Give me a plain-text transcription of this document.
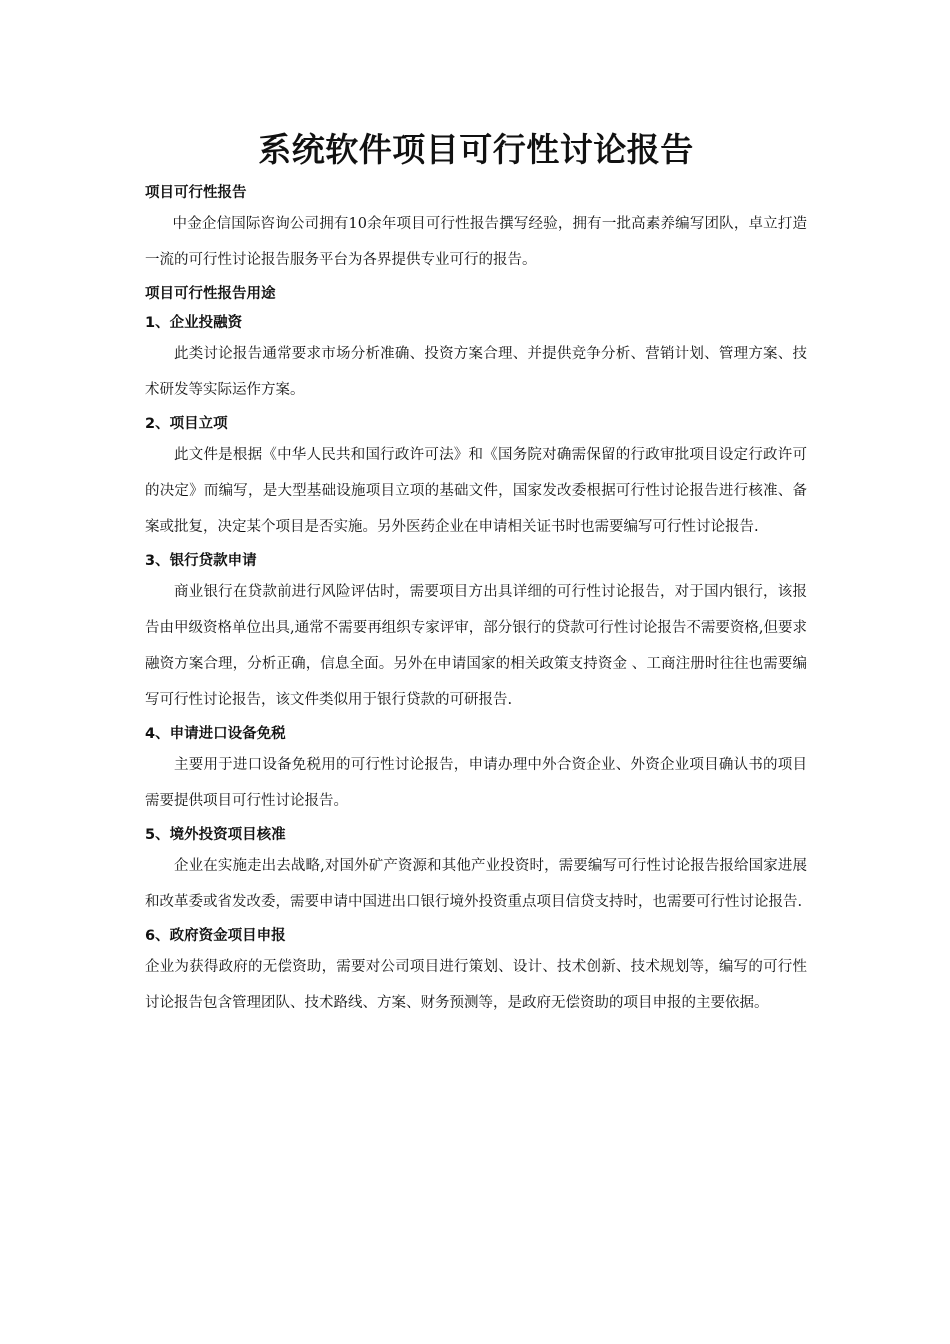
系统软件项目可行性讨论报告
项目可行性报告

中金企信国际咨询公司拥有10余年项目可行性报告撰写经验，拥有一批高素养编写团队，卓立打造一流的可行性讨论报告服务平台为各界提供专业可行的报告。

项目可行性报告用途
1、企业投融资

此类讨论报告通常要求市场分析准确、投资方案合理、并提供竞争分析、营销计划、管理方案、技术研发等实际运作方案。

2、项目立项

此文件是根据《中华人民共和国行政许可法》和《国务院对确需保留的行政审批项目设定行政许可的决定》而编写，是大型基础设施项目立项的基础文件，国家发改委根据可行性讨论报告进行核准、备案或批复，决定某个项目是否实施。另外医药企业在申请相关证书时也需要编写可行性讨论报告.

3、银行贷款申请

商业银行在贷款前进行风险评估时，需要项目方出具详细的可行性讨论报告，对于国内银行，该报告由甲级资格单位出具,通常不需要再组织专家评审，部分银行的贷款可行性讨论报告不需要资格,但要求融资方案合理，分析正确，信息全面。另外在申请国家的相关政策支持资金 、工商注册时往往也需要编写可行性讨论报告，该文件类似用于银行贷款的可研报告.

4、申请进口设备免税

主要用于进口设备免税用的可行性讨论报告，申请办理中外合资企业、外资企业项目确认书的项目需要提供项目可行性讨论报告。

5、境外投资项目核准

企业在实施走出去战略,对国外矿产资源和其他产业投资时，需要编写可行性讨论报告报给国家进展和改革委或省发改委，需要申请中国进出口银行境外投资重点项目信贷支持时，也需要可行性讨论报告.

6、政府资金项目申报

企业为获得政府的无偿资助，需要对公司项目进行策划、设计、技术创新、技术规划等，编写的可行性讨论报告包含管理团队、技术路线、方案、财务预测等，是政府无偿资助的项目申报的主要依据。
